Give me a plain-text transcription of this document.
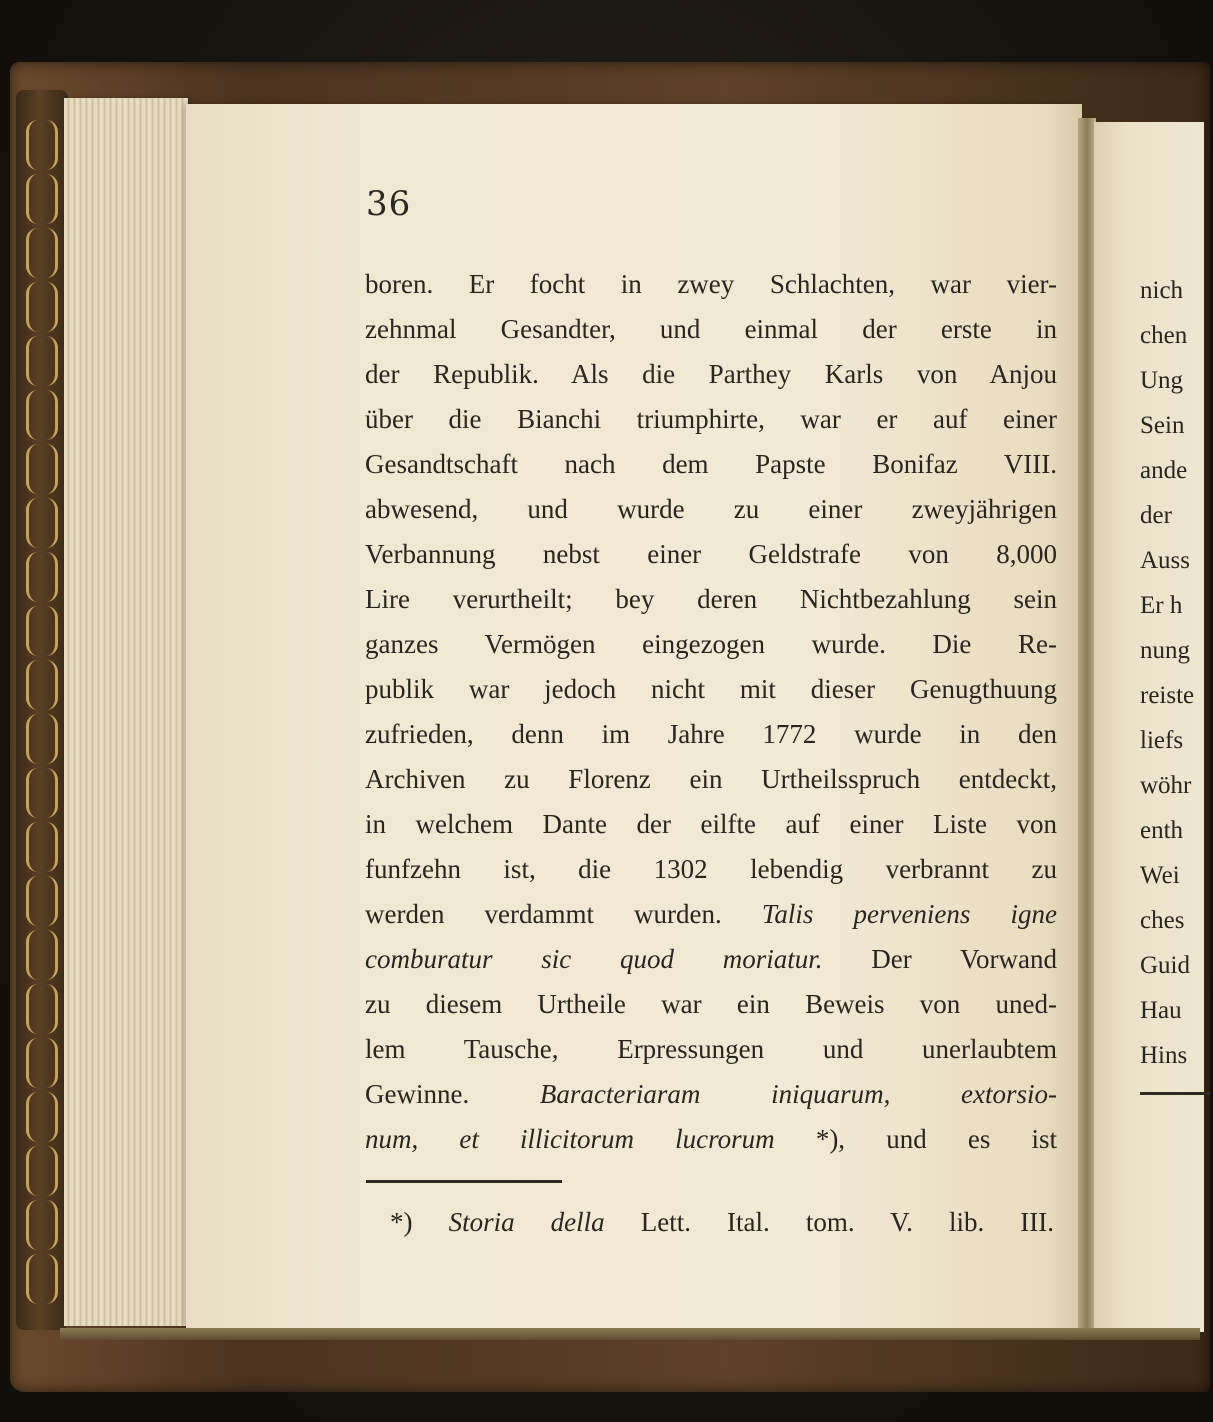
nich
chen
Ung
Sein
ande
der
Auss
Er h
nung
reiste
liefs
wöhr
enth
Wei
ches
Guid
Hau
Hins
36
boren. Er focht in zwey Schlachten, war vier-
zehnmal Gesandter, und einmal der erste in
der Republik. Als die Parthey Karls von Anjou
über die Bianchi triumphirte, war er auf einer
Gesandtschaft nach dem Papste Bonifaz VIII.
abwesend, und wurde zu einer zweyjährigen
Verbannung nebst einer Geldstrafe von 8,000
Lire verurtheilt; bey deren Nichtbezahlung sein
ganzes Vermögen eingezogen wurde. Die Re-
publik war jedoch nicht mit dieser Genugthuung
zufrieden, denn im Jahre 1772 wurde in den
Archiven zu Florenz ein Urtheilsspruch entdeckt,
in welchem Dante der eilfte auf einer Liste von
funfzehn ist, die 1302 lebendig verbrannt zu
werden verdammt wurden. Talis perveniens igne
comburatur sic quod moriatur. Der Vorwand
zu diesem Urtheile war ein Beweis von uned-
lem Tausche, Erpressungen und unerlaubtem
Gewinne. Baracteriaram iniquarum, extorsio-
num, et illicitorum lucrorum *), und es ist
*) Storia della Lett. Ital. tom. V. lib. III.
